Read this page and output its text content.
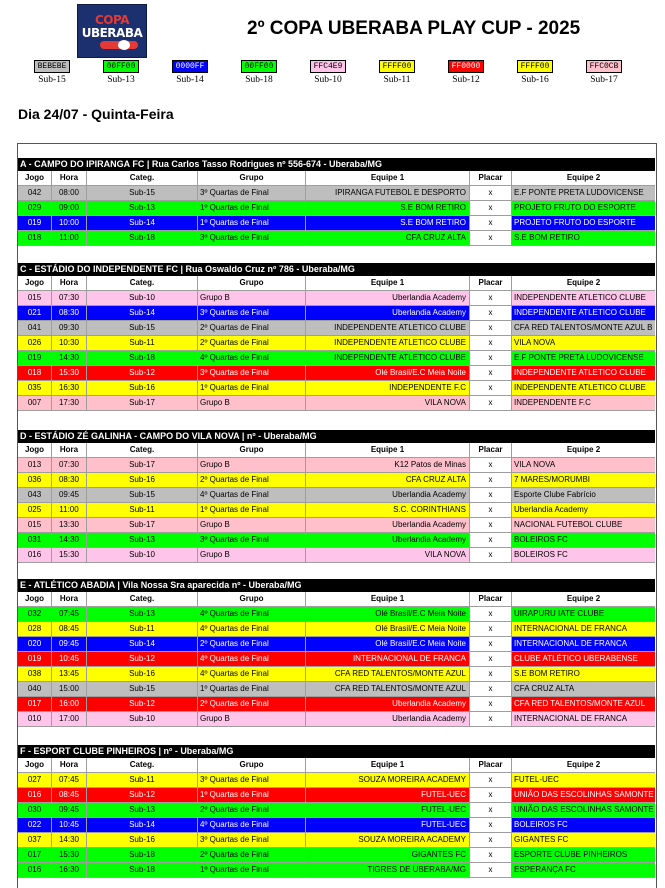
COPA
UBERABA	2º COPA UBERABA PLAY CUP - 2025
BEBEBE
Sub-15
00FF00
Sub-13
0000FF
Sub-14
00FF00
Sub-18
FFC4E9
Sub-10
FFFF00
Sub-11
FF0000
Sub-12
FFFF00
Sub-16
FFC0CB
Sub-17
Dia 24/07 - Quinta-Feira
A - CAMPO DO IPIRANGA FC | Rua Carlos Tasso Rodrigues nº 556-674 - Uberaba/MG
Jogo	Hora	Categ.	Grupo	Equipe 1	Placar	Equipe 2
042	08:00	Sub-15	3º Quartas de Final	IPIRANGA FUTEBOL E DESPORTO	x	E.F PONTE PRETA LUDOVICENSE
029	09:00	Sub-13	1º Quartas de Final	S.E BOM RETIRO	x	PROJETO FRUTO DO ESPORTE
019	10:00	Sub-14	1º Quartas de Final	S.E BOM RETIRO	x	PROJETO FRUTO DO ESPORTE
018	11:00	Sub-18	3º Quartas de Final	CFA CRUZ ALTA	x	S.E BOM RETIRO
C - ESTÁDIO DO INDEPENDENTE FC | Rua Oswaldo Cruz nº 786 - Uberaba/MG
Jogo	Hora	Categ.	Grupo	Equipe 1	Placar	Equipe 2
015	07:30	Sub-10	Grupo B	Uberlandia Academy	x	INDEPENDENTE ATLETICO CLUBE
021	08:30	Sub-14	3º Quartas de Final	Uberlandia Academy	x	INDEPENDENTE ATLETICO CLUBE
041	09:30	Sub-15	2º Quartas de Final	INDEPENDENTE ATLETICO CLUBE	x	CFA RED TALENTOS/MONTE AZUL B
026	10:30	Sub-11	2º Quartas de Final	INDEPENDENTE ATLETICO CLUBE	x	VILA NOVA
019	14:30	Sub-18	4º Quartas de Final	INDEPENDENTE ATLETICO CLUBE	x	E.F PONTE PRETA LUDOVICENSE
018	15:30	Sub-12	3º Quartas de Final	Olé Brasil/E.C Meia Noite	x	INDEPENDENTE ATLETICO CLUBE
035	16:30	Sub-16	1º Quartas de Final	INDEPENDENTE F.C	x	INDEPENDENTE ATLETICO CLUBE
007	17:30	Sub-17	Grupo B	VILA NOVA	x	INDEPENDENTE F.C
D - ESTÁDIO ZÉ GALINHA - CAMPO DO VILA NOVA | nº - Uberaba/MG
Jogo	Hora	Categ.	Grupo	Equipe 1	Placar	Equipe 2
013	07:30	Sub-17	Grupo B	K12 Patos de Minas	x	VILA NOVA
036	08:30	Sub-16	2º Quartas de Final	CFA CRUZ ALTA	x	7 MARES/MORUMBI
043	09:45	Sub-15	4º Quartas de Final	Uberlandia Academy	x	Esporte Clube Fabrício
025	11:00	Sub-11	1º Quartas de Final	S.C. CORINTHIANS	x	Uberlandia Academy
015	13:30	Sub-17	Grupo B	Uberlandia Academy	x	NACIONAL FUTEBOL CLUBE
031	14:30	Sub-13	3º Quartas de Final	Uberlandia Academy	x	BOLEIROS FC
016	15:30	Sub-10	Grupo B	VILA NOVA	x	BOLEIROS FC
E - ATLÉTICO ABADIA | Vila Nossa Sra aparecida nº - Uberaba/MG
Jogo	Hora	Categ.	Grupo	Equipe 1	Placar	Equipe 2
032	07:45	Sub-13	4º Quartas de Final	Olé Brasil/E.C Meia Noite	x	UIRAPURU IATE CLUBE
028	08:45	Sub-11	4º Quartas de Final	Olé Brasil/E.C Meia Noite	x	INTERNACIONAL DE FRANCA
020	09:45	Sub-14	2º Quartas de Final	Olé Brasil/E.C Meia Noite	x	INTERNACIONAL DE FRANCA
019	10:45	Sub-12	4º Quartas de Final	INTERNACIONAL DE FRANCA	x	CLUBE ATLÉTICO UBERABENSE
038	13:45	Sub-16	4º Quartas de Final	CFA RED TALENTOS/MONTE AZUL	x	S.E BOM RETIRO
040	15:00	Sub-15	1º Quartas de Final	CFA RED TALENTOS/MONTE AZUL	x	CFA CRUZ ALTA
017	16:00	Sub-12	2º Quartas de Final	Uberlandia Academy	x	CFA RED TALENTOS/MONTE AZUL
010	17:00	Sub-10	Grupo B	Uberlandia Academy	x	INTERNACIONAL DE FRANCA
F - ESPORT CLUBE PINHEIROS | nº - Uberaba/MG
Jogo	Hora	Categ.	Grupo	Equipe 1	Placar	Equipe 2
027	07:45	Sub-11	3º Quartas de Final	SOUZA MOREIRA ACADEMY	x	FUTEL-UEC
016	08:45	Sub-12	1º Quartas de Final	FUTEL-UEC	x	UNIÃO DAS ESCOLINHAS SAMONTE
030	09:45	Sub-13	2º Quartas de Final	FUTEL-UEC	x	UNIÃO DAS ESCOLINHAS SAMONTE
022	10:45	Sub-14	4º Quartas de Final	FUTEL-UEC	x	BOLEIROS FC
037	14:30	Sub-16	3º Quartas de Final	SOUZA MOREIRA ACADEMY	x	GIGANTES FC
017	15:30	Sub-18	2º Quartas de Final	GIGANTES FC	x	ESPORTE CLUBE PINHEIROS
016	16:30	Sub-18	1º Quartas de Final	TIGRES DE UBERABA/MG	x	ESPERANÇA FC
